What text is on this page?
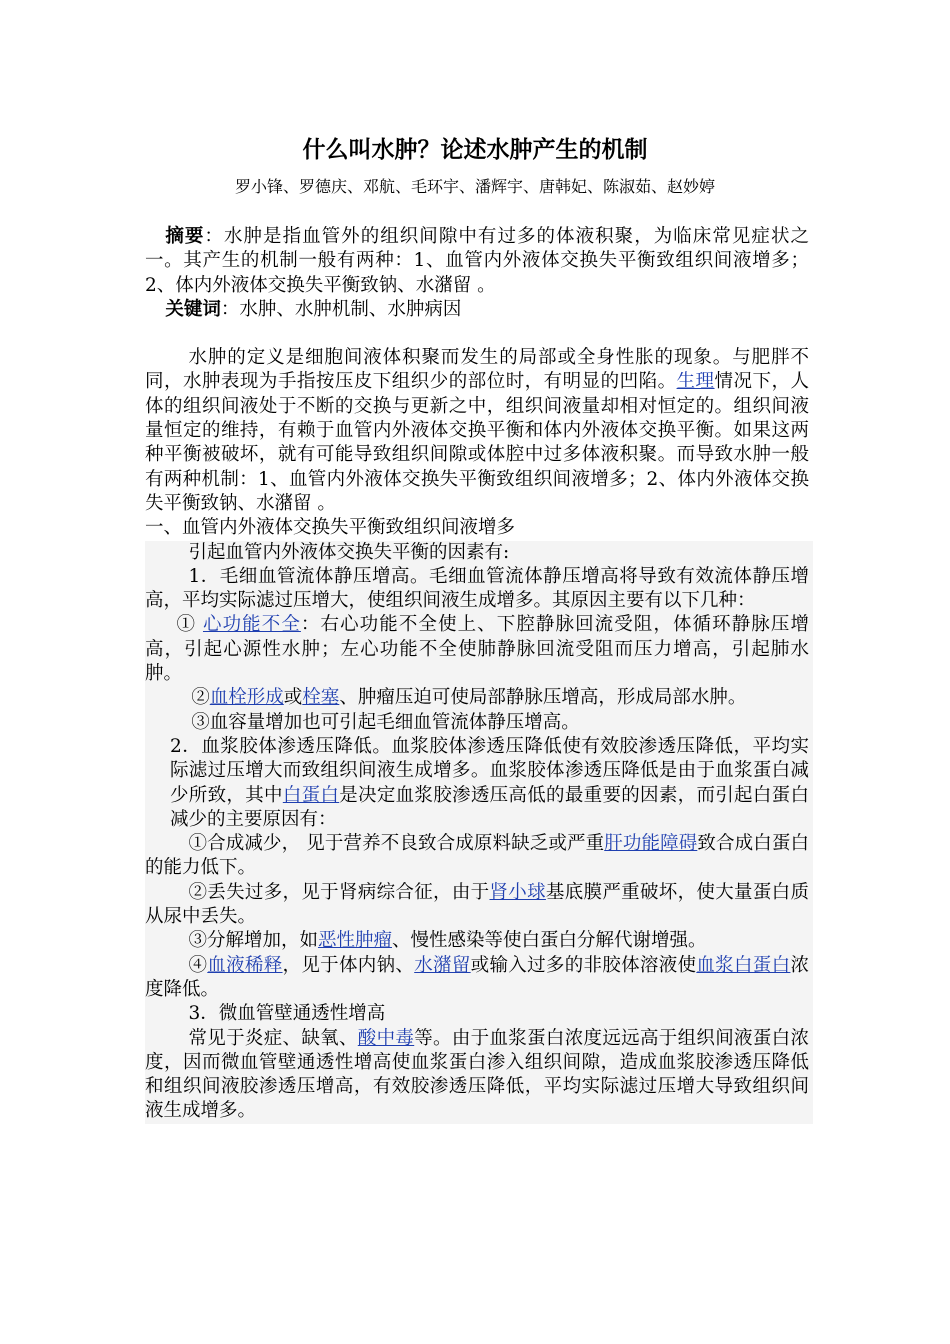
什么叫水肿？论述水肿产生的机制

罗小锋、罗德庆、邓航、毛环宇、潘辉宇、唐韩妃、陈淑茹、赵妙婷

摘要：水肿是指血管外的组织间隙中有过多的体液积聚，为临床常见症状之一。其产生的机制一般有两种：1、血管内外液体交换失平衡致组织间液增多；2、体内外液体交换失平衡致钠、水潴留 。

关键词：水肿、水肿机制、水肿病因

水肿的定义是细胞间液体积聚而发生的局部或全身性胀的现象。与肥胖不同，水肿表现为手指按压皮下组织少的部位时，有明显的凹陷。生理情况下，人体的组织间液处于不断的交换与更新之中，组织间液量却相对恒定的。组织间液量恒定的维持，有赖于血管内外液体交换平衡和体内外液体交换平衡。如果这两种平衡被破坏，就有可能导致组织间隙或体腔中过多体液积聚。而导致水肿一般有两种机制：1、血管内外液体交换失平衡致组织间液增多；2、体内外液体交换失平衡致钠、水潴留 。

一、血管内外液体交换失平衡致组织间液增多

引起血管内外液体交换失平衡的因素有:

1．毛细血管流体静压增高。毛细血管流体静压增高将导致有效流体静压增高，平均实际滤过压增大，使组织间液生成增多。其原因主要有以下几种：

① 心功能不全：右心功能不全使上、下腔静脉回流受阻，体循环静脉压增高，引起心源性水肿；左心功能不全使肺静脉回流受阻而压力增高，引起肺水肿。

②血栓形成或栓塞、肿瘤压迫可使局部静脉压增高，形成局部水肿。

③血容量增加也可引起毛细血管流体静压增高。

2．血浆胶体渗透压降低。血浆胶体渗透压降低使有效胶渗透压降低，平均实际滤过压增大而致组织间液生成增多。血浆胶体渗透压降低是由于血浆蛋白减少所致，其中白蛋白是决定血浆胶渗透压高低的最重要的因素，而引起白蛋白减少的主要原因有：

①合成减少， 见于营养不良致合成原料缺乏或严重肝功能障碍致合成白蛋白的能力低下。

②丢失过多，见于肾病综合征，由于肾小球基底膜严重破坏，使大量蛋白质从尿中丢失。

③分解增加，如恶性肿瘤、慢性感染等使白蛋白分解代谢增强。

④血液稀释，见于体内钠、水潴留或输入过多的非胶体溶液使血浆白蛋白浓度降低。

3．微血管壁通透性增高

常见于炎症、缺氧、酸中毒等。由于血浆蛋白浓度远远高于组织间液蛋白浓度，因而微血管壁通透性增高使血浆蛋白渗入组织间隙，造成血浆胶渗透压降低和组织间液胶渗透压增高，有效胶渗透压降低，平均实际滤过压增大导致组织间液生成增多。
